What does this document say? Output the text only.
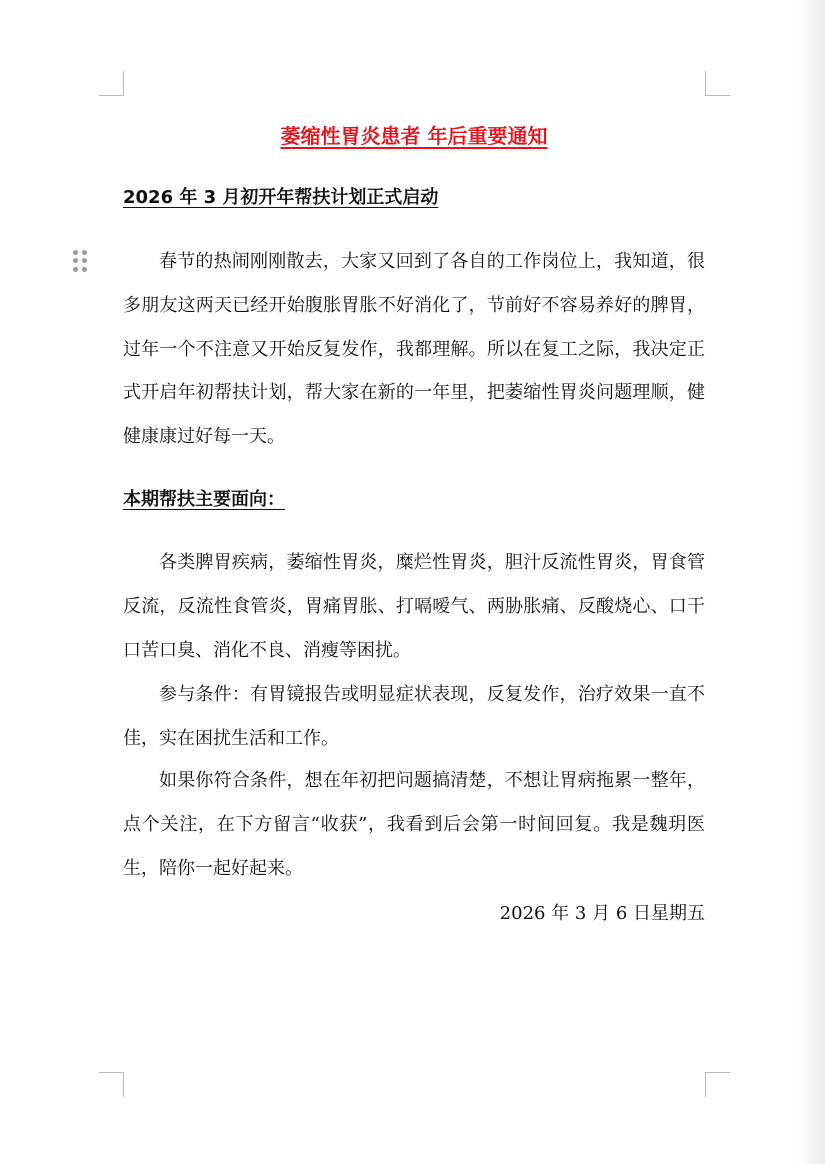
萎缩性胃炎患者 年后重要通知
2026 年 3 月初开年帮扶计划正式启动

春节的热闹刚刚散去，大家又回到了各自的工作岗位上，我知道，很多朋友这两天已经开始腹胀胃胀不好消化了，节前好不容易养好的脾胃，过年一个不注意又开始反复发作，我都理解。所以在复工之际，我决定正式开启年初帮扶计划，帮大家在新的一年里，把萎缩性胃炎问题理顺，健健康康过好每一天。

本期帮扶主要面向：

各类脾胃疾病，萎缩性胃炎，糜烂性胃炎，胆汁反流性胃炎，胃食管反流，反流性食管炎，胃痛胃胀、打嗝嗳气、两胁胀痛、反酸烧心、口干口苦口臭、消化不良、消瘦等困扰。

参与条件：有胃镜报告或明显症状表现，反复发作，治疗效果一直不佳，实在困扰生活和工作。

如果你符合条件，想在年初把问题搞清楚，不想让胃病拖累一整年，点个关注，在下方留言“收获”，我看到后会第一时间回复。我是魏玥医生，陪你一起好起来。

2026 年 3 月 6 日星期五
